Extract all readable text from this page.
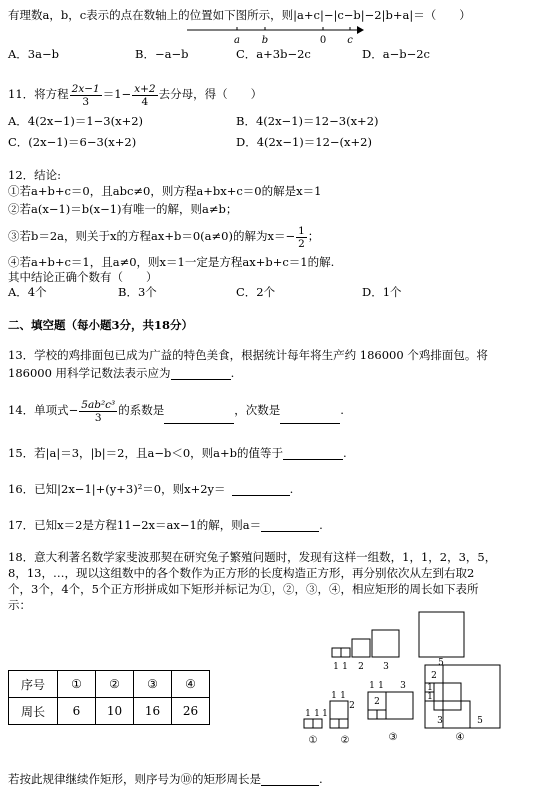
有理数a，b，c表示的点在数轴上的位置如下图所示，则|a+c|−|c−b|−2|b+a|＝（　　）
a b	0 c
A．3a−b	B．−a−b	C．a+3b−2c	D．a−b−2c
11．将方程 $\frac{2x-1}{3} =1- \frac{x+2}{4}$ 去分母，得（　　）
A．4(2x−1)＝1−3(x+2)	B．4(2x−1)＝12−3(x+2)
C．(2x−1)＝6−3(x+2)	D．4(2x−1)＝12−(x+2)
12．结论:
①若a+b+c＝0，且abc≠0，则方程a+bx+c＝0的解是x＝1
②若a(x−1)＝b(x−1)有唯一的解，则a≠b；
③若b＝2a，则关于x的方程ax+b＝0(a≠0)的解为$x=- \frac{1}{2}$ ；
④若a+b+c＝1，且a≠0，则x＝1一定是方程ax+b+c＝1的解.
其中结论正确个数有（　　）
A．4个	B．3个	C．2个	D．1个
二、填空题（每小题3分，共18分）
13．学校的鸡排面包已成为广益的特色美食，根据统计每年将生产约 186000 个鸡排面包。将
186000 用科学记数法表示应为	.
14．单项式− $\frac{\text{5ab²c³}}{3}$ 的系数是	，次数是	.
15．若|a|＝3，|b|＝2，且a−b＜0，则a+b的值等于	.
16．已知|2x−1|+(y+3)²＝0，则x+2y＝	.
17．已知x＝2是方程11−2x＝ax−1的解，则a＝	.
18．意大利著名数学家斐波那契在研究兔子繁殖问题时，发现有这样一组数，1，1，2，3，5，
8，13，…，现以这组数中的各个数作为正方形的长度构造正方形，再分别依次从左到右取2
个，3个，4个，5个正方形拼成如下矩形并标记为①，②，③，④，相应矩形的周长如下表所
示：
序号	①	②	③	④
周长	6	10	16	26
1 1 2 3	5
1 1 1
1 1
2
1 1
2
3
2
1
1
3	5
① ②	③	④
若按此规律继续作矩形，则序号为⑩的矩形周长是	.
